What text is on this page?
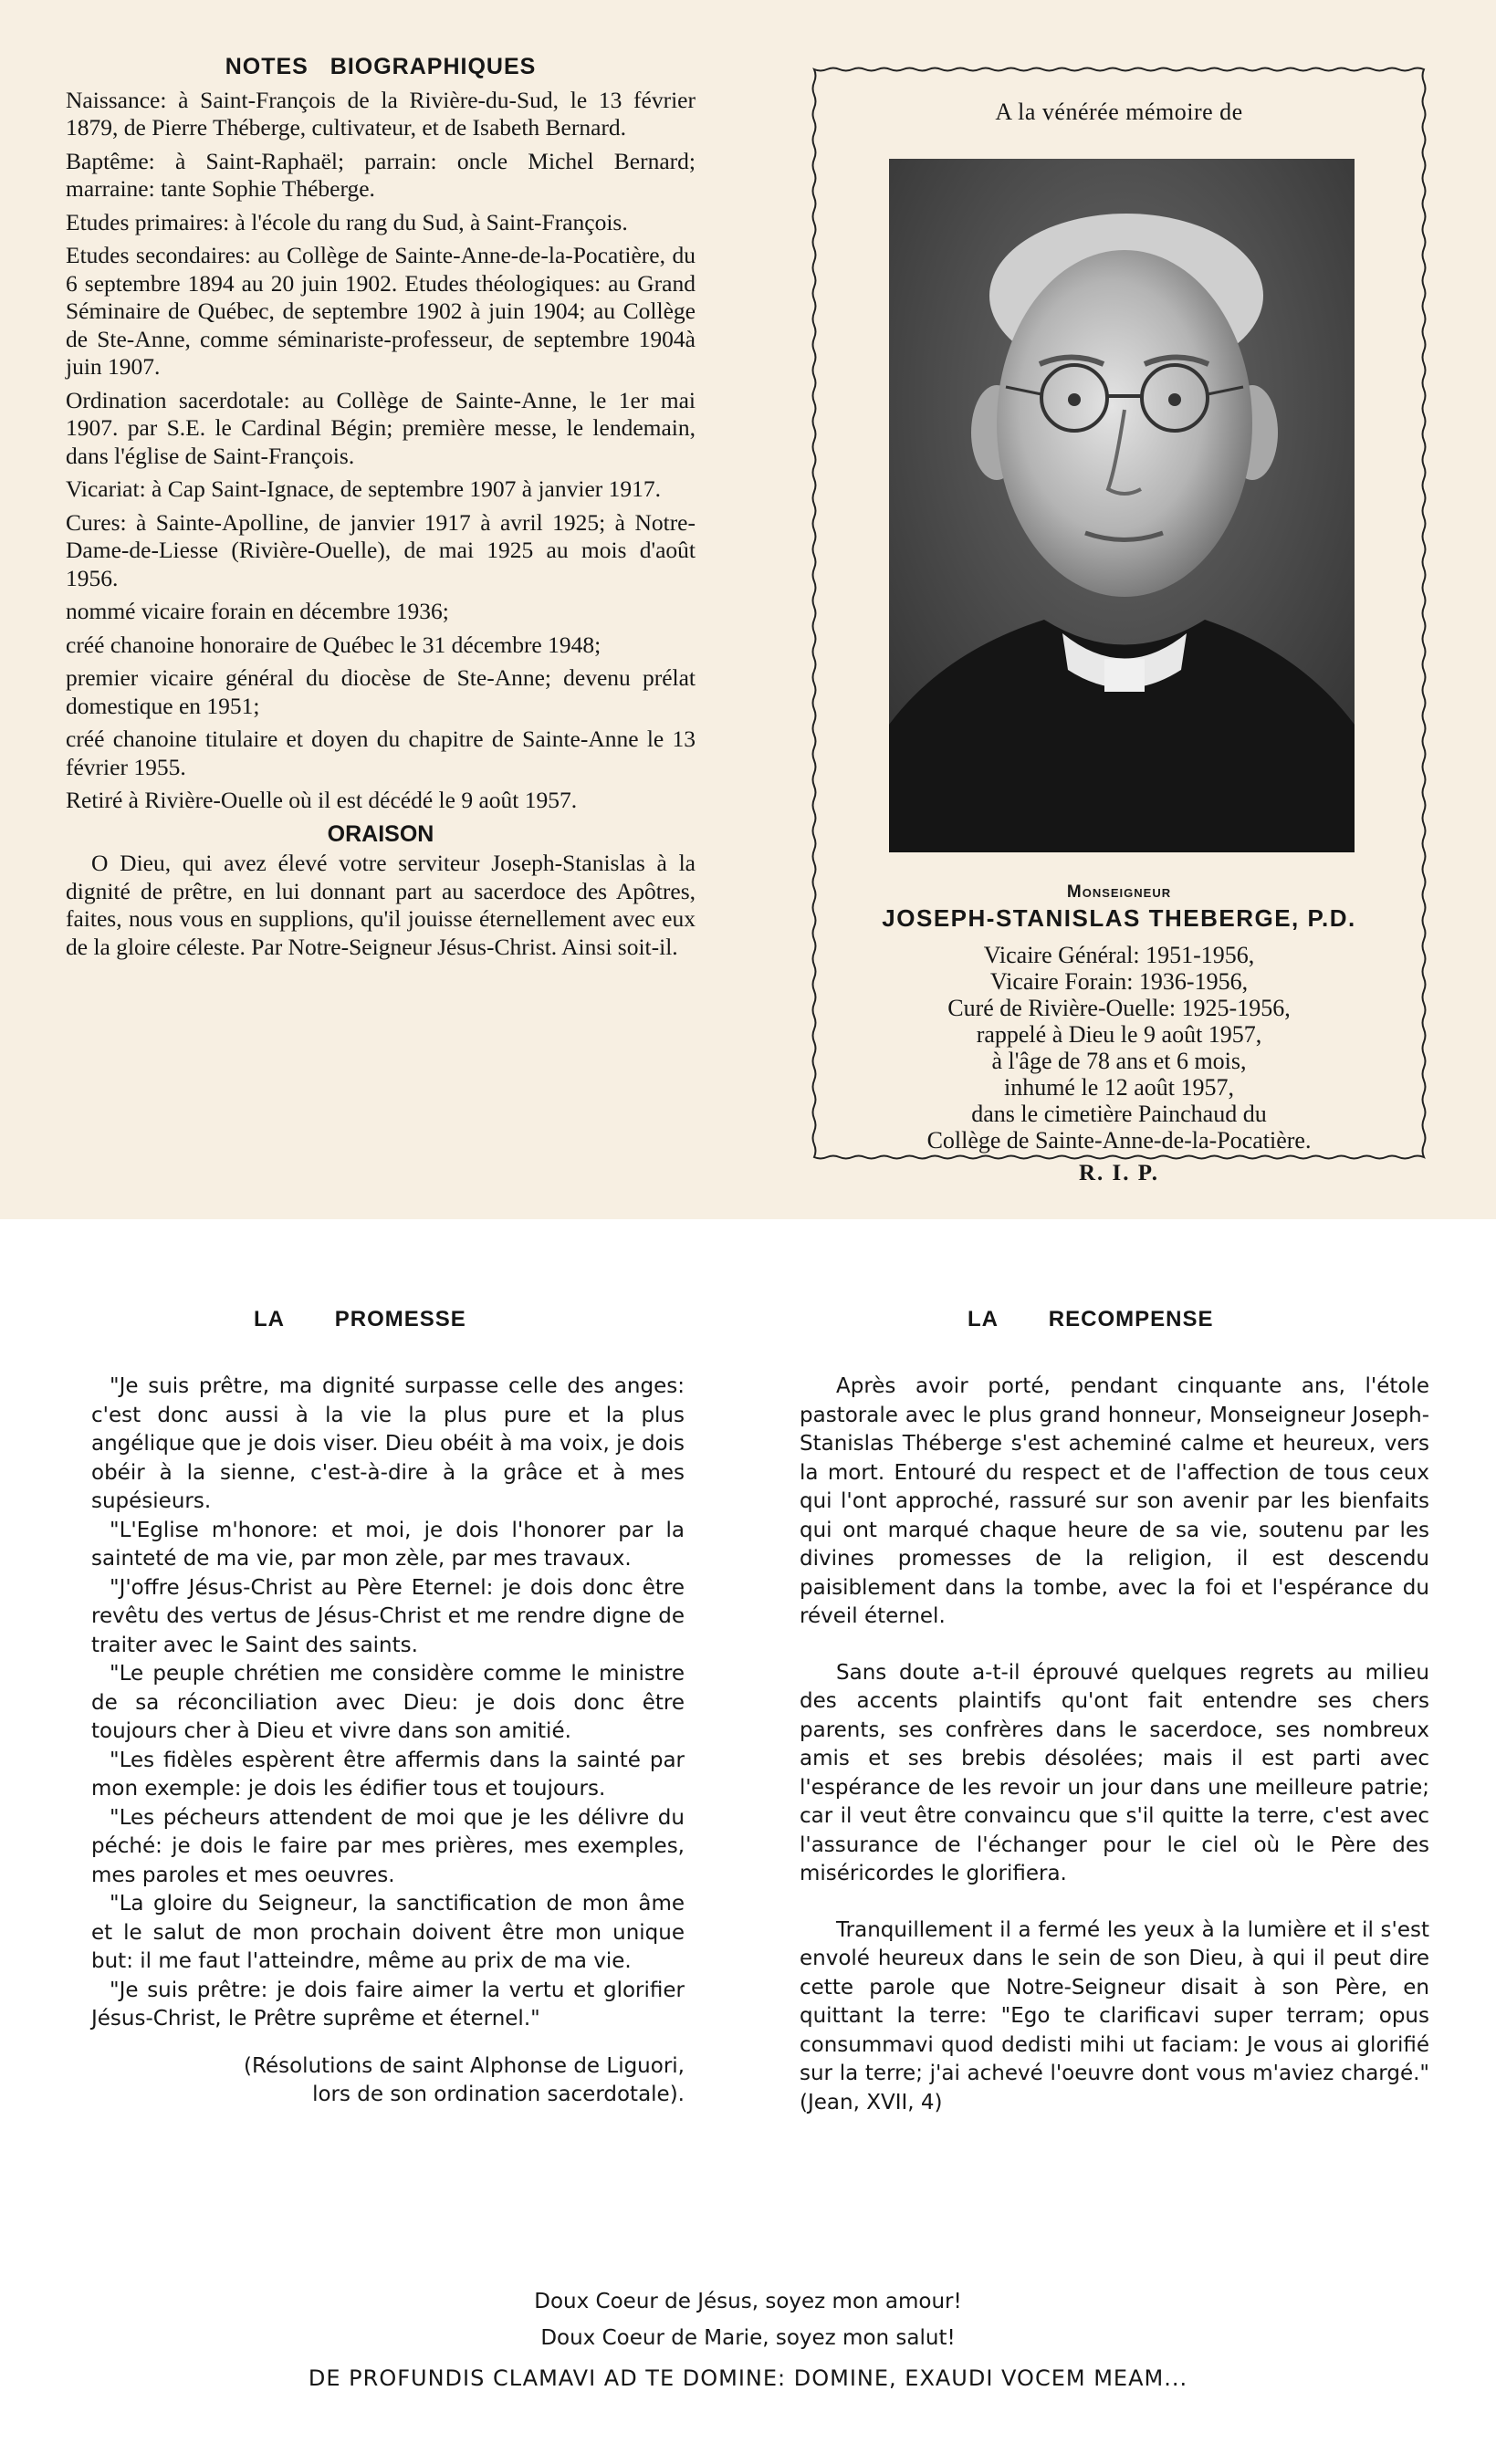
NOTES BIOGRAPHIQUES

Naissance: à Saint-François de la Rivière-du-Sud, le 13 février 1879, de Pierre Théberge, cultivateur, et de Isabeth Bernard.

Baptême: à Saint-Raphaël; parrain: oncle Michel Bernard; marraine: tante Sophie Théberge.

Etudes primaires: à l'école du rang du Sud, à Saint-François.

Etudes secondaires: au Collège de Sainte-Anne-de-la-Pocatière, du 6 septembre 1894 au 20 juin 1902. Etudes théologiques: au Grand Séminaire de Québec, de septembre 1902 à juin 1904; au Collège de Ste-Anne, comme séminariste-professeur, de septembre 1904à juin 1907.

Ordination sacerdotale: au Collège de Sainte-Anne, le 1er mai 1907. par S.E. le Cardinal Bégin; première messe, le lendemain, dans l'église de Saint-François.

Vicariat: à Cap Saint-Ignace, de septembre 1907 à janvier 1917.

Cures: à Sainte-Apolline, de janvier 1917 à avril 1925; à Notre-Dame-de-Liesse (Rivière-Ouelle), de mai 1925 au mois d'août 1956.

nommé vicaire forain en décembre 1936;

créé chanoine honoraire de Québec le 31 décembre 1948;

premier vicaire général du diocèse de Ste-Anne; devenu prélat domestique en 1951;

créé chanoine titulaire et doyen du chapitre de Sainte-Anne le 13 février 1955.

Retiré à Rivière-Ouelle où il est décédé le 9 août 1957.

ORAISON

O Dieu, qui avez élevé votre serviteur Joseph-Stanislas à la dignité de prêtre, en lui donnant part au sacerdoce des Apôtres, faites, nous vous en supplions, qu'il jouisse éternellement avec eux de la gloire céleste. Par Notre-Seigneur Jésus-Christ. Ainsi soit-il.

A la vénérée mémoire de
Monseigneur
JOSEPH-STANISLAS THEBERGE, P.D.
Vicaire Général: 1951-1956,
Vicaire Forain: 1936-1956,
Curé de Rivière-Ouelle: 1925-1956,
rappelé à Dieu le 9 août 1957,
à l'âge de 78 ans et 6 mois,
inhumé le 12 août 1957,
dans le cimetière Painchaud du
Collège de Sainte-Anne-de-la-Pocatière.
R. I. P.
LA PROMESSE

"Je suis prêtre, ma dignité surpasse celle des anges: c'est donc aussi à la vie la plus pure et la plus angélique que je dois viser. Dieu obéit à ma voix, je dois obéir à la sienne, c'est-à-dire à la grâce et à mes supésieurs.

"L'Eglise m'honore: et moi, je dois l'honorer par la sainteté de ma vie, par mon zèle, par mes travaux.

"J'offre Jésus-Christ au Père Eternel: je dois donc être revêtu des vertus de Jésus-Christ et me rendre digne de traiter avec le Saint des saints.

"Le peuple chrétien me considère comme le ministre de sa réconciliation avec Dieu: je dois donc être toujours cher à Dieu et vivre dans son amitié.

"Les fidèles espèrent être affermis dans la sainté par mon exemple: je dois les édifier tous et toujours.

"Les pécheurs attendent de moi que je les délivre du péché: je dois le faire par mes prières, mes exemples, mes paroles et mes oeuvres.

"La gloire du Seigneur, la sanctification de mon âme et le salut de mon prochain doivent être mon unique but: il me faut l'atteindre, même au prix de ma vie.

"Je suis prêtre: je dois faire aimer la vertu et glorifier Jésus-Christ, le Prêtre suprême et éternel."

(Résolutions de saint Alphonse de Liguori,
lors de son ordination sacerdotale).

LA RECOMPENSE

Après avoir porté, pendant cinquante ans, l'étole pastorale avec le plus grand honneur, Monseigneur Joseph-Stanislas Théberge s'est acheminé calme et heureux, vers la mort. Entouré du respect et de l'affection de tous ceux qui l'ont approché, rassuré sur son avenir par les bienfaits qui ont marqué chaque heure de sa vie, soutenu par les divines promesses de la religion, il est descendu paisiblement dans la tombe, avec la foi et l'espérance du réveil éternel.

Sans doute a-t-il éprouvé quelques regrets au milieu des accents plaintifs qu'ont fait entendre ses chers parents, ses confrères dans le sacerdoce, ses nombreux amis et ses brebis désolées; mais il est parti avec l'espérance de les revoir un jour dans une meilleure patrie; car il veut être convaincu que s'il quitte la terre, c'est avec l'assurance de l'échanger pour le ciel où le Père des miséricordes le glorifiera.

Tranquillement il a fermé les yeux à la lumière et il s'est envolé heureux dans le sein de son Dieu, à qui il peut dire cette parole que Notre-Seigneur disait à son Père, en quittant la terre: "Ego te clarificavi super terram; opus consummavi quod dedisti mihi ut faciam: Je vous ai glorifié sur la terre; j'ai achevé l'oeuvre dont vous m'aviez chargé." (Jean, XVII, 4)

Doux Coeur de Jésus, soyez mon amour!
Doux Coeur de Marie, soyez mon salut!
DE PROFUNDIS CLAMAVI AD TE DOMINE: DOMINE, EXAUDI VOCEM MEAM...
